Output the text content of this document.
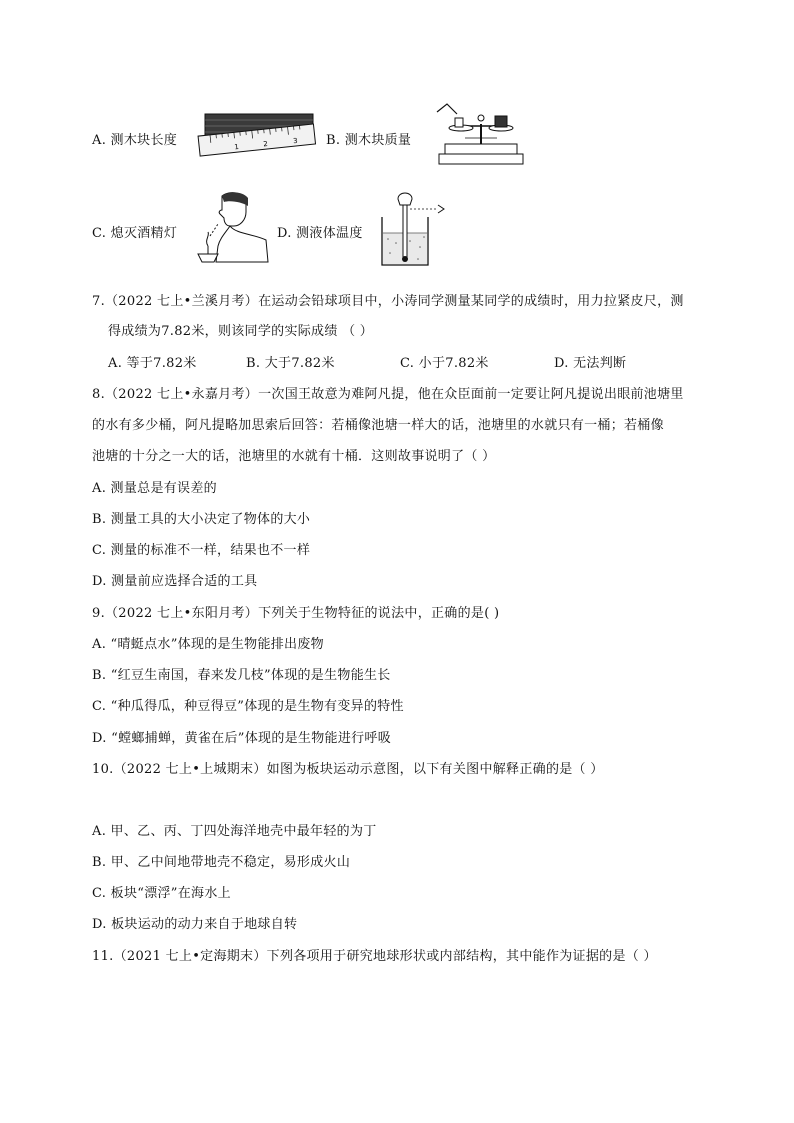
A. 测木块长度	1	2	3 B. 测木块质量
C. 熄灭酒精灯	D. 测液体温度
7.（2022 七上•兰溪月考）在运动会铅球项目中，小涛同学测量某同学的成绩时，用力拉紧皮尺，测
得成绩为7.82米，则该同学的实际成绩 （ ）
A. 等于7.82米	B. 大于7.82米	C. 小于7.82米	D. 无法判断
8.（2022 七上•永嘉月考）一次国王故意为难阿凡提，他在众臣面前一定要让阿凡提说出眼前池塘里
的水有多少桶，阿凡提略加思索后回答：若桶像池塘一样大的话，池塘里的水就只有一桶；若桶像
池塘的十分之一大的话，池塘里的水就有十桶．这则故事说明了（ ）
A. 测量总是有误差的
B. 测量工具的大小决定了物体的大小
C. 测量的标准不一样，结果也不一样
D. 测量前应选择合适的工具
9.（2022 七上•东阳月考）下列关于生物特征的说法中，正确的是( )
A. “晴蜓点水”体现的是生物能排出废物
B. “红豆生南国，春来发几枝”体现的是生物能生长
C. “种瓜得瓜，种豆得豆”体现的是生物有变异的特性
D. “螳螂捕蝉，黄雀在后”体现的是生物能进行呼吸
10.（2022 七上•上城期末）如图为板块运动示意图，以下有关图中解释正确的是（ ）
A. 甲、乙、丙、丁四处海洋地壳中最年轻的为丁
B. 甲、乙中间地带地壳不稳定，易形成火山
C. 板块“漂浮”在海水上
D. 板块运动的动力来自于地球自转
11.（2021 七上•定海期末）下列各项用于研究地球形状或内部结构，其中能作为证据的是（ ）
